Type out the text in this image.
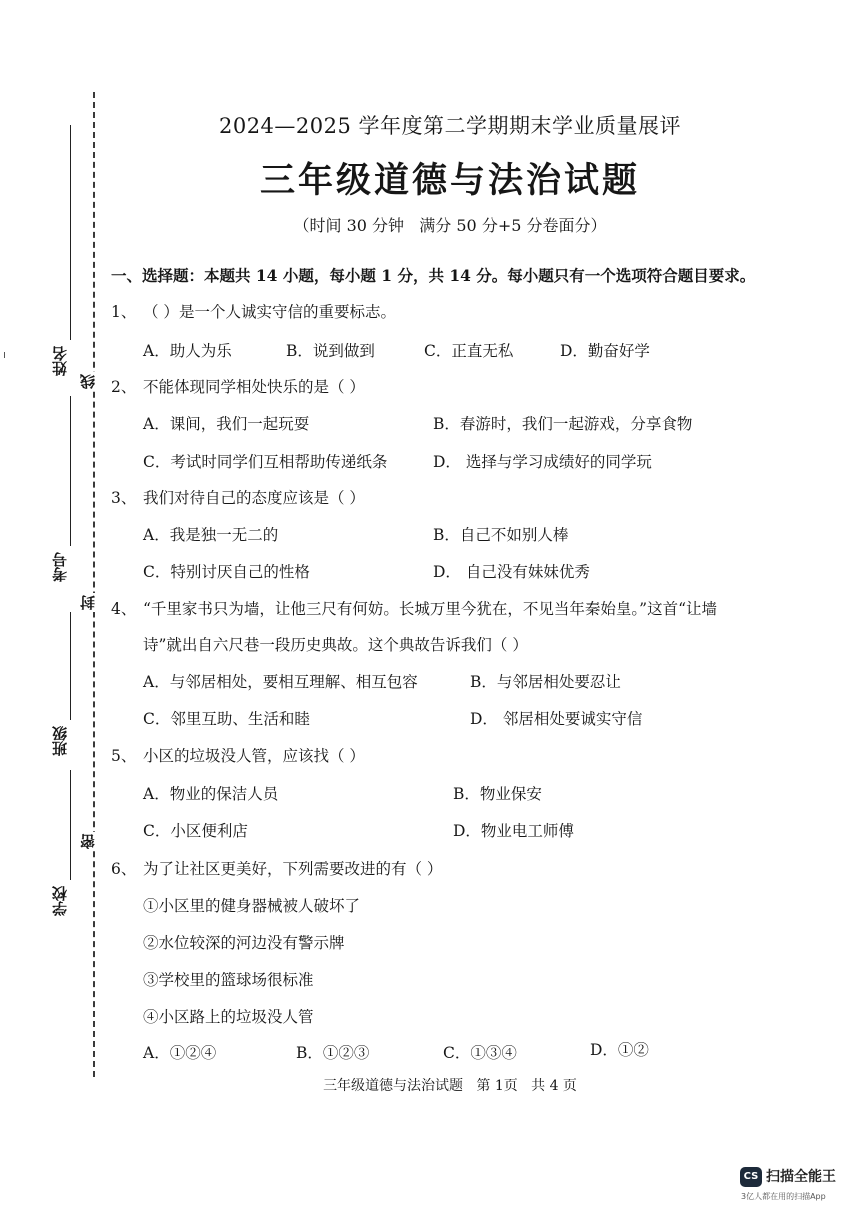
姓名
线
考号
封
班级
密
学校
2024—2025 学年度第二学期期末学业质量展评
三年级道德与法治试题
（时间 30 分钟   满分 50 分+5 分卷面分）
一、选择题：本题共 14 小题，每小题 1 分，共 14 分。每小题只有一个选项符合题目要求。
1、 （ ）是一个人诚实守信的重要标志。
A．助人为乐	B．说到做到	C．正直无私	D．勤奋好学
2、 不能体现同学相处快乐的是（ ）
A．课间，我们一起玩耍	B．春游时，我们一起游戏，分享食物
C．考试时同学们互相帮助传递纸条	D． 选择与学习成绩好的同学玩
3、 我们对待自己的态度应该是（ ）
A．我是独一无二的	B．自己不如别人棒
C．特别讨厌自己的性格	D． 自己没有妹妹优秀
4、 “千里家书只为墙，让他三尺有何妨。长城万里今犹在，不见当年秦始皇。”这首“让墙
诗”就出自六尺巷一段历史典故。这个典故告诉我们（ ）
A．与邻居相处，要相互理解、相互包容	B．与邻居相处要忍让
C．邻里互助、生活和睦	D． 邻居相处要诚实守信
5、 小区的垃圾没人管，应该找（ ）
A．物业的保洁人员	B．物业保安
C．小区便利店	D．物业电工师傅
6、 为了让社区更美好，下列需要改进的有（ ）
①小区里的健身器械被人破坏了
②水位较深的河边没有警示牌
③学校里的篮球场很标准
④小区路上的垃圾没人管
A．①②④	B．①②③	C．①③④	D．①②
三年级道德与法治试题   第 1页   共 4 页
CS 扫描全能王
3亿人都在用的扫描App
